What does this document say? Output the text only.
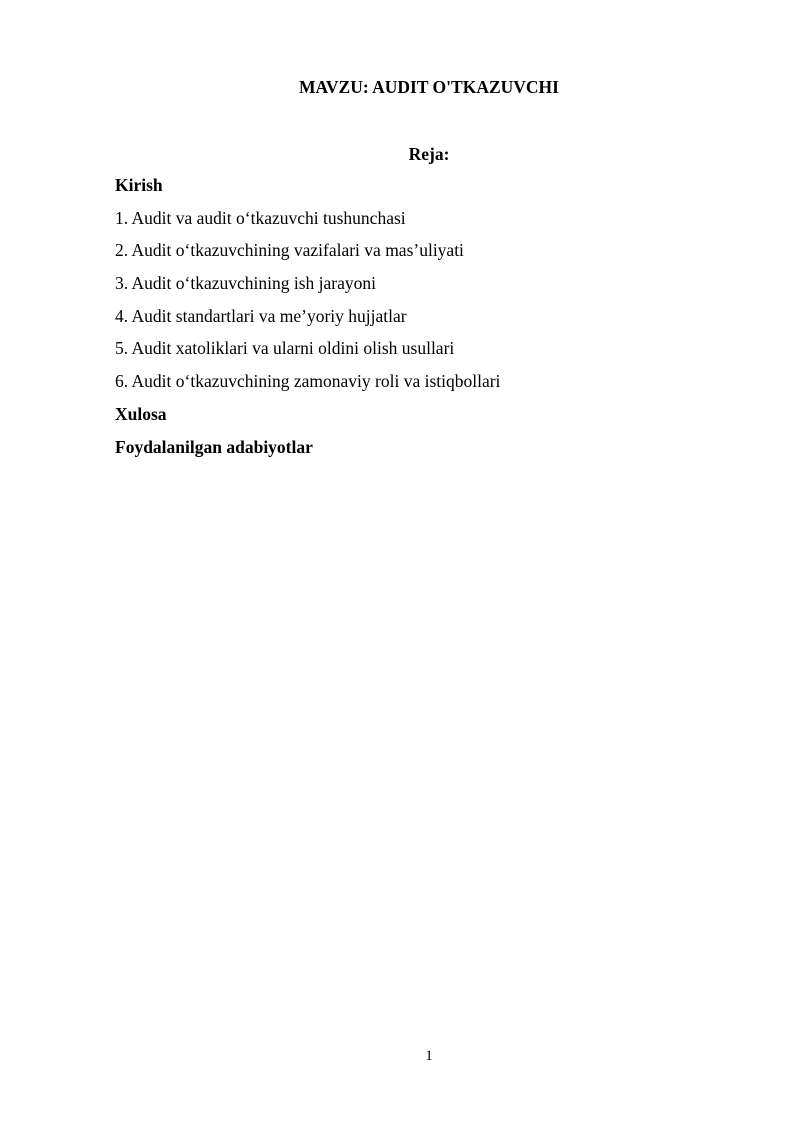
MAVZU: AUDIT O'TKAZUVCHI
Reja:
Kirish
1. Audit va audit o‘tkazuvchi tushunchasi
2. Audit o‘tkazuvchining vazifalari va mas’uliyati
3. Audit o‘tkazuvchining ish jarayoni
4. Audit standartlari va me’yoriy hujjatlar
5. Audit xatoliklari va ularni oldini olish usullari
6. Audit o‘tkazuvchining zamonaviy roli va istiqbollari
Xulosa
Foydalanilgan adabiyotlar
1
